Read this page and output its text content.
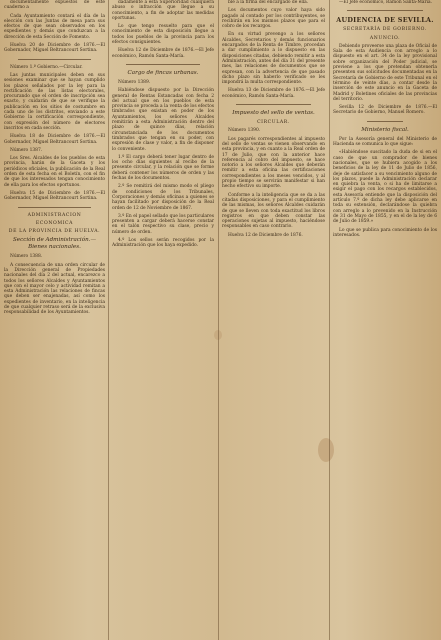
documentamente expuestos de este cuaderno a

Cada Ayuntamiento contará el día de la elección con las Juntas de mesa para sus efectos de que sean observados en los expedientes y demás que conduzcan a la dirección de esta Sección de Fomento.

Huelva 20 de Diciembre de 1876.—El Gobernador, Miguel Beltrancourt Sortina.

Número 1.º Gobierno.—Circular.

Las juntas municipales deben en sus sesiones examinar que se hayan cumplido los plazos señalados por la ley para la rectificación de las listas electorales, procurando que el orden de inscripción sea exacto, y cuidarán de que se verifique la publicación en los sitios de costumbre en cada uno de los distritos, enviando a este Gobierno la certificación correspondiente, con expresión del número de electores inscritos en cada sección.

Huelva 18 de Diciembre de 1876.—El Gobernador, Miguel Beltrancourt Sortina.

Número 1387.

Los Sres. Alcaldes de los pueblos de esta provincia, harán de la Gaceta y los periódicos oficiales, la publicación de la Real orden de esta fecha en el Boletín, con el fin de que los interesados tengan conocimiento de ella para los efectos oportunos.

Huelva 15 de Diciembre de 1876.—El Gobernador, Miguel Beltrancourt Sortina.

ADMINISTRACION

ECONOMICA

DE LA PROVINCIA DE HUELVA.

Sección de Administración.—Bienes nacionales.

Número 1388.

A consecuencia de una orden circular de la Dirección general de Propiedades nacionales del día 2 del actual, encarezco a todos los señores Alcaldes y Ayuntamientos que con el mayor celo y actividad remitan a esta Administración las relaciones de fincas que deben ser enajenadas, así como los expedientes de inventario, en la inteligencia de que cualquier retraso será de la exclusiva responsabilidad de los Ayuntamientos.

dadamente a esta Superioridad cualquiera abuso o infracción que llegue a su conocimiento, a fin de adoptar las medidas oportunas.

Lo que tengo resuelto para que el conocimiento de esta disposición llegue a todos los pueblos de la provincia para los efectos consiguientes.

Huelva 12 de Diciembre de 1876.—El Jefe económico, Ramón Santa-María.

Cargo de fincas urbanas.

Número 1389.

Habiéndose dispuesto por la Dirección general de Rentas Estancadas con fecha 2 del actual que en los pueblos de esta provincia se proceda a la venta de los efectos timbrados que existan en poder de los Ayuntamientos, los señores Alcaldes remitirán a esta Administración dentro del plazo de quince días, relación circunstanciada de los documentos timbrados que tengan en su poder, con expresión de clase y valor, a fin de disponer lo conveniente.

1.º El cargo deberá tener lugar dentro de los ocho días siguientes al recibo de la presente circular, y la relación que se forme deberá contener los números de orden y las fechas de los documentos.

2.º Se remitirá del mismo modo el pliego de condiciones de los Tribunales, Corporaciones y demás oficinas a quienes se hayan facilitado por disposición de la Real orden de 12 de Noviembre de 1867.

3.º En el papel sellado que los particulares presenten a cargar deberá hacerse constar en el talón respectivo su clase, precio y número de orden.

4.º Los sellos serán recogidos por la Administración que los haya expedido.

ble a la firma del encargado de ella.

Los documentos cuyo valor haya sido pagado al contado por los contribuyentes, se recibirán en los mismos plazos que para el cobro de los recargos.

En su virtud prevengo a los señores Alcaldes, Secretarios y demás funcionarios encargados de la Renta de Timbre, procedan a dar cumplimiento a lo dispuesto en las disposiciones citadas, debiendo remitir a esta Administración, antes del día 31 del presente mes, las relaciones de documentos que se expresan, con la advertencia de que pasado dicho plazo sin haberlo verificado se les impondrá la multa correspondiente.

Huelva 13 de Diciembre de 1876.—El Jefe económico, Ramón Santa-María.

Impuesto del sello de ventas.

CIRCULAR.

Número 1390.

Los pagarés correspondientes al impuesto del sello de ventas se vienen observando en esta provincia, y en cuanto a la Real orden de 17 de Julio, que con la anterior hace referencia al cobro del impuesto, se hace notorio a los señores Alcaldes que deberán remitir a esta oficina las certificaciones correspondientes a los meses vencidos, y al propio tiempo se servirán manifestar si han hecho efectivo su importe.

Conforme a la inteligencia que se da a las citadas disposiciones, y para el cumplimiento de las mismas, los señores Alcaldes cuidarán de que se lleven con toda exactitud los libros registros en que deben constar las operaciones sujetas al impuesto, haciéndose responsables en caso contrario.

Huelva 12 de Diciembre de 1876.

—El Jefe económico, Ramón Santa-María.

AUDIENCIA DE SEVILLA.

SECRETARÍA DE GOBIERNO.

ANUNCIO.

Debiendo proveerse una plaza de Oficial de Sala de esta Audiencia con arreglo a lo dispuesto en el art. 34 de la ley provisional sobre organización del Poder judicial, se previene a los que pretendan obtenerla presenten sus solicitudes documentadas en la Secretaría de Gobierno de este Tribunal en el término de veinte días, a contar desde la inserción de este anuncio en la Gaceta de Madrid y Boletines oficiales de las provincias del territorio.

Sevilla 12 de Diciembre de 1876.—El Secretario de Gobierno, Manuel Romero.

Ministerio fiscal.

Por la Asesoría general del Ministerio de Hacienda se comunica lo que sigue:

«Habiéndose suscitado la duda de si en el caso de que un comprador de bienes nacionales, que se hubiera acogido a los beneficios de la ley de 11 de Julio de 1856, deje de satisfacer a su vencimiento alguno de los plazos, puede la Administración declarar en quiebra la venta, o si ha de limitarse a exigir el pago con los recargos establecidos, esta Asesoría entiende que la disposición del artículo 7.º de dicha ley debe aplicarse en toda su extensión, declarándose la quiebra con arreglo a lo prevenido en la Instrucción de 31 de Mayo de 1855, y en el de la ley de 6 de Julio de 1859.»

Lo que se publica para conocimiento de los interesados.
